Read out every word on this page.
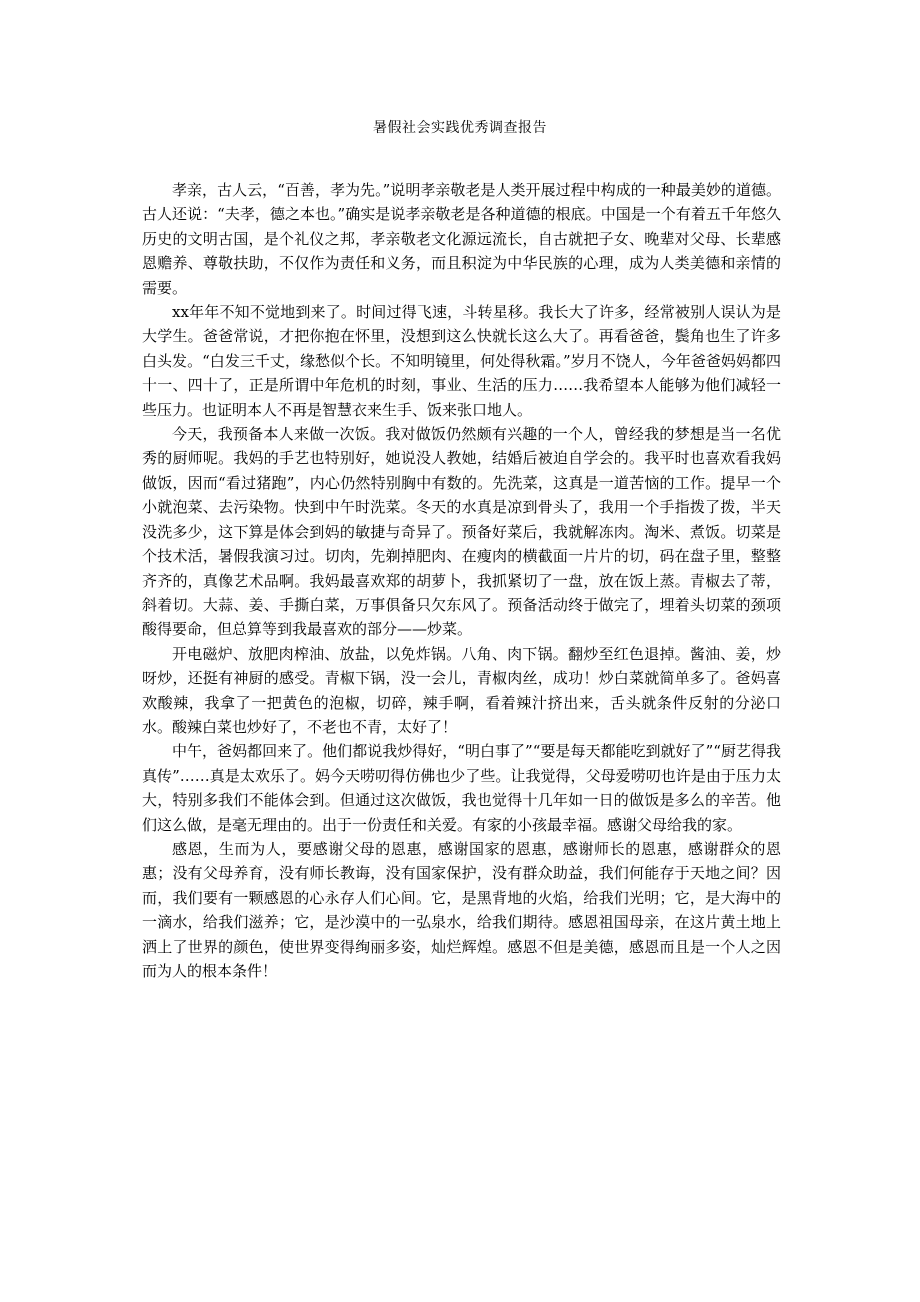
暑假社会实践优秀调查报告

孝亲，古人云，“百善，孝为先。”说明孝亲敬老是人类开展过程中构成的一种最美妙的道德。古人还说：“夫孝，德之本也。”确实是说孝亲敬老是各种道德的根底。中国是一个有着五千年悠久历史的文明古国，是个礼仪之邦，孝亲敬老文化源远流长，自古就把子女、晚辈对父母、长辈感恩赡养、尊敬扶助，不仅作为责任和义务，而且积淀为中华民族的心理，成为人类美德和亲情的需要。

xx年年不知不觉地到来了。时间过得飞速，斗转星移。我长大了许多，经常被别人误认为是大学生。爸爸常说，才把你抱在怀里，没想到这么快就长这么大了。再看爸爸，鬓角也生了许多白头发。“白发三千丈，缘愁似个长。不知明镜里，何处得秋霜。”岁月不饶人，今年爸爸妈妈都四十一、四十了，正是所谓中年危机的时刻，事业、生活的压力……我希望本人能够为他们减轻一些压力。也证明本人不再是智慧衣来生手、饭来张口地人。

今天，我预备本人来做一次饭。我对做饭仍然颇有兴趣的一个人，曾经我的梦想是当一名优秀的厨师呢。我妈的手艺也特别好，她说没人教她，结婚后被迫自学会的。我平时也喜欢看我妈做饭，因而“看过猪跑”，内心仍然特别胸中有数的。先洗菜，这真是一道苦恼的工作。提早一个小就泡菜、去污染物。快到中午时洗菜。冬天的水真是凉到骨头了，我用一个手指拨了拨，半天没洗多少，这下算是体会到妈的敏捷与奇异了。预备好菜后，我就解冻肉。淘米、煮饭。切菜是个技术活，暑假我演习过。切肉，先剃掉肥肉、在瘦肉的横截面一片片的切，码在盘子里，整整齐齐的，真像艺术品啊。我妈最喜欢郑的胡萝卜，我抓紧切了一盘，放在饭上蒸。青椒去了蒂，斜着切。大蒜、姜、手撕白菜，万事俱备只欠东风了。预备活动终于做完了，埋着头切菜的颈项酸得要命，但总算等到我最喜欢的部分——炒菜。

开电磁炉、放肥肉榨油、放盐，以免炸锅。八角、肉下锅。翻炒至红色退掉。酱油、姜，炒呀炒，还挺有神厨的感受。青椒下锅，没一会儿，青椒肉丝，成功！炒白菜就简单多了。爸妈喜欢酸辣，我拿了一把黄色的泡椒，切碎，辣手啊，看着辣汁挤出来，舌头就条件反射的分泌口水。酸辣白菜也炒好了，不老也不青，太好了！

中午，爸妈都回来了。他们都说我炒得好，“明白事了”“要是每天都能吃到就好了”“厨艺得我真传”……真是太欢乐了。妈今天唠叨得仿佛也少了些。让我觉得，父母爱唠叨也许是由于压力太大，特别多我们不能体会到。但通过这次做饭，我也觉得十几年如一日的做饭是多么的辛苦。他们这么做，是毫无理由的。出于一份责任和关爱。有家的小孩最幸福。感谢父母给我的家。

感恩，生而为人，要感谢父母的恩惠，感谢国家的恩惠，感谢师长的恩惠，感谢群众的恩惠；没有父母养育，没有师长教诲，没有国家保护，没有群众助益，我们何能存于天地之间？因而，我们要有一颗感恩的心永存人们心间。它，是黑背地的火焰，给我们光明；它，是大海中的一滴水，给我们滋养；它，是沙漠中的一弘泉水，给我们期待。感恩祖国母亲，在这片黄土地上洒上了世界的颜色，使世界变得绚丽多姿，灿烂辉煌。感恩不但是美德，感恩而且是一个人之因而为人的根本条件！
